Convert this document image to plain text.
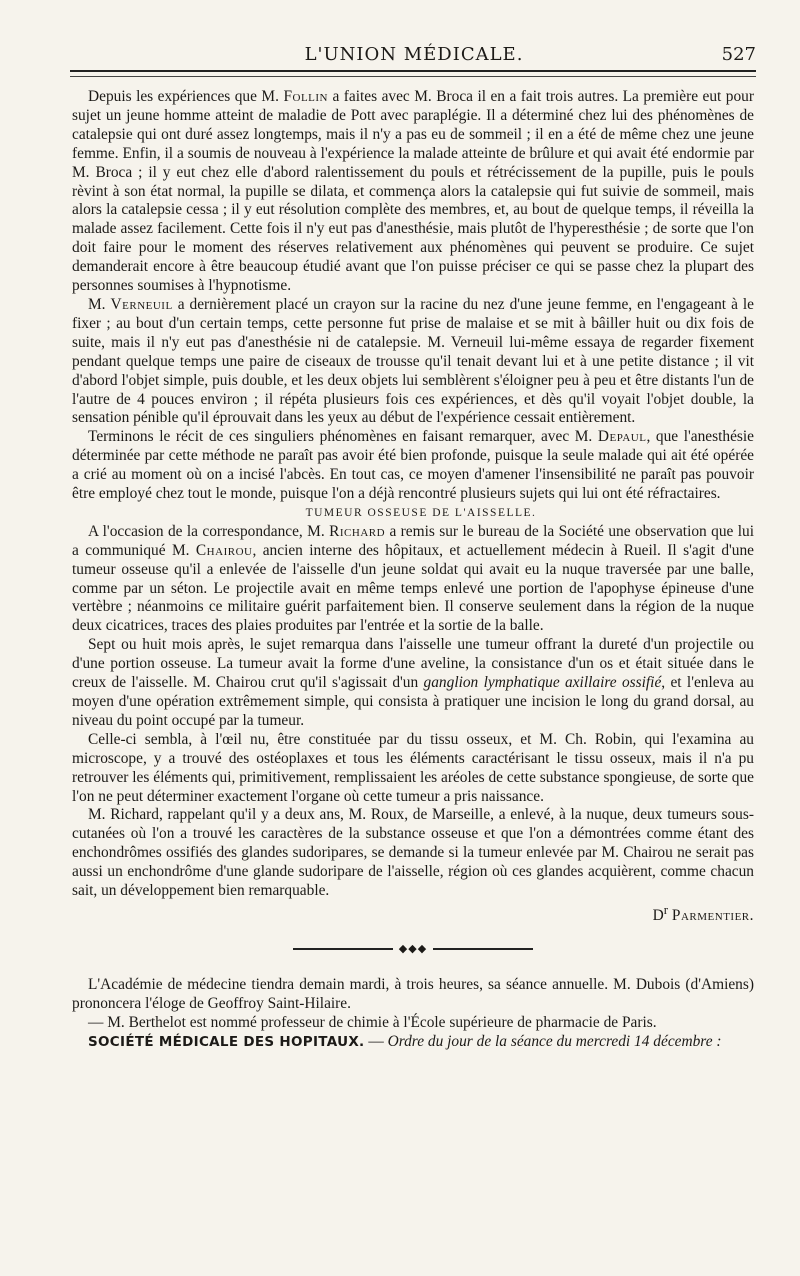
L'UNION MÉDICALE.	527

Depuis les expériences que M. Follin a faites avec M. Broca il en a fait trois autres. La première eut pour sujet un jeune homme atteint de maladie de Pott avec paraplégie. Il a déterminé chez lui des phénomènes de catalepsie qui ont duré assez longtemps, mais il n'y a pas eu de sommeil ; il en a été de même chez une jeune femme. Enfin, il a soumis de nouveau à l'expérience la malade atteinte de brûlure et qui avait été endormie par M. Broca ; il y eut chez elle d'abord ralentissement du pouls et rétrécissement de la pupille, puis le pouls rèvint à son état normal, la pupille se dilata, et commença alors la catalepsie qui fut suivie de sommeil, mais alors la catalepsie cessa ; il y eut résolution complète des membres, et, au bout de quelque temps, il réveilla la malade assez facilement. Cette fois il n'y eut pas d'anesthésie, mais plutôt de l'hyperesthésie ; de sorte que l'on doit faire pour le moment des réserves relativement aux phénomènes qui peuvent se produire. Ce sujet demanderait encore à être beaucoup étudié avant que l'on puisse préciser ce qui se passe chez la plupart des personnes soumises à l'hypnotisme.

M. Verneuil a dernièrement placé un crayon sur la racine du nez d'une jeune femme, en l'engageant à le fixer ; au bout d'un certain temps, cette personne fut prise de malaise et se mit à bâiller huit ou dix fois de suite, mais il n'y eut pas d'anesthésie ni de catalepsie. M. Verneuil lui-même essaya de regarder fixement pendant quelque temps une paire de ciseaux de trousse qu'il tenait devant lui et à une petite distance ; il vit d'abord l'objet simple, puis double, et les deux objets lui semblèrent s'éloigner peu à peu et être distants l'un de l'autre de 4 pouces environ ; il répéta plusieurs fois ces expériences, et dès qu'il voyait l'objet double, la sensation pénible qu'il éprouvait dans les yeux au début de l'expérience cessait entièrement.

Terminons le récit de ces singuliers phénomènes en faisant remarquer, avec M. Depaul, que l'anesthésie déterminée par cette méthode ne paraît pas avoir été bien profonde, puisque la seule malade qui ait été opérée a crié au moment où on a incisé l'abcès. En tout cas, ce moyen d'amener l'insensibilité ne paraît pas pouvoir être employé chez tout le monde, puisque l'on a déjà rencontré plusieurs sujets qui lui ont été réfractaires.

TUMEUR OSSEUSE DE L'AISSELLE.

A l'occasion de la correspondance, M. Richard a remis sur le bureau de la Société une observation que lui a communiqué M. Chairou, ancien interne des hôpitaux, et actuellement médecin à Rueil. Il s'agit d'une tumeur osseuse qu'il a enlevée de l'aisselle d'un jeune soldat qui avait eu la nuque traversée par une balle, comme par un séton. Le projectile avait en même temps enlevé une portion de l'apophyse épineuse d'une vertèbre ; néanmoins ce militaire guérit parfaitement bien. Il conserve seulement dans la région de la nuque deux cicatrices, traces des plaies produites par l'entrée et la sortie de la balle.

Sept ou huit mois après, le sujet remarqua dans l'aisselle une tumeur offrant la dureté d'un projectile ou d'une portion osseuse. La tumeur avait la forme d'une aveline, la consistance d'un os et était située dans le creux de l'aisselle. M. Chairou crut qu'il s'agissait d'un ganglion lymphatique axillaire ossifié, et l'enleva au moyen d'une opération extrêmement simple, qui consista à pratiquer une incision le long du grand dorsal, au niveau du point occupé par la tumeur.

Celle-ci sembla, à l'œil nu, être constituée par du tissu osseux, et M. Ch. Robin, qui l'examina au microscope, y a trouvé des ostéoplaxes et tous les éléments caractérisant le tissu osseux, mais il n'a pu retrouver les éléments qui, primitivement, remplissaient les aréoles de cette substance spongieuse, de sorte que l'on ne peut déterminer exactement l'organe où cette tumeur a pris naissance.

M. Richard, rappelant qu'il y a deux ans, M. Roux, de Marseille, a enlevé, à la nuque, deux tumeurs sous-cutanées où l'on a trouvé les caractères de la substance osseuse et que l'on a démontrées comme étant des enchondrômes ossifiés des glandes sudoripares, se demande si la tumeur enlevée par M. Chairou ne serait pas aussi un enchondrôme d'une glande sudoripare de l'aisselle, région où ces glandes acquièrent, comme chacun sait, un développement bien remarquable.

$D^r$ Parmentier.

◆◆◆

L'Académie de médecine tiendra demain mardi, à trois heures, sa séance annuelle. M. Dubois (d'Amiens) prononcera l'éloge de Geoffroy Saint-Hilaire.

— M. Berthelot est nommé professeur de chimie à l'École supérieure de pharmacie de Paris.

SOCIÉTÉ MÉDICALE DES HOPITAUX. — Ordre du jour de la séance du mercredi 14 décembre :
